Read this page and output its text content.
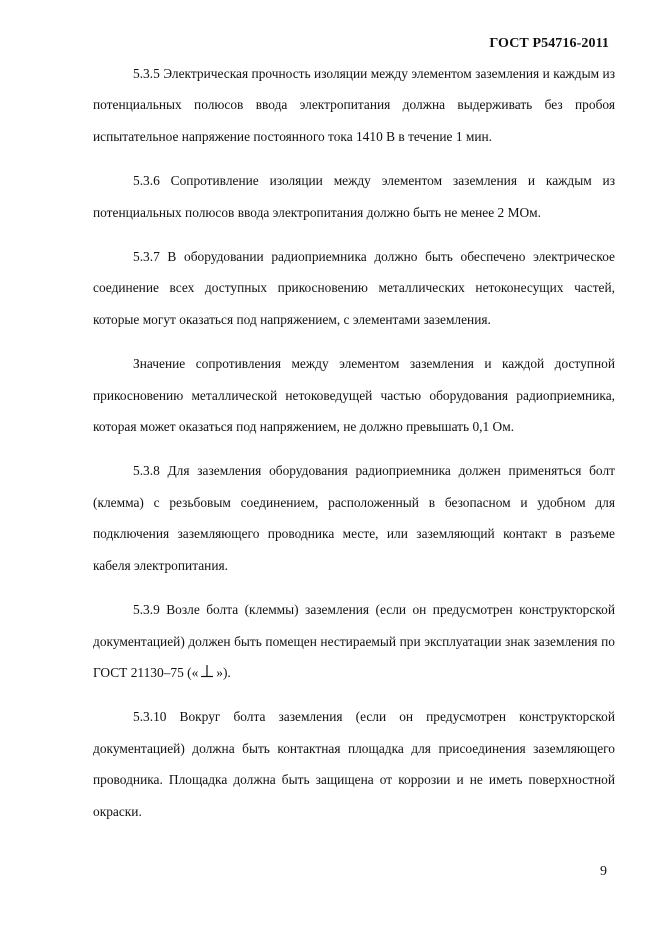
ГОСТ Р54716-2011

5.3.5 Электрическая прочность изоляции между элементом заземления и каждым из потенциальных полюсов ввода электропитания должна выдерживать без пробоя испытательное напряжение постоянного тока 1410 В в течение 1 мин.

5.3.6 Сопротивление изоляции между элементом заземления и каждым из потенциальных полюсов ввода электропитания должно быть не менее 2 МОм.

5.3.7 В оборудовании радиоприемника должно быть обеспечено электрическое соединение всех доступных прикосновению металлических нетоконесущих частей, которые могут оказаться под напряжением, с элементами заземления.

Значение сопротивления между элементом заземления и каждой доступной прикосновению металлической нетоковедущей частью оборудования радиоприемника, которая может оказаться под напряжением, не должно превышать 0,1 Ом.

5.3.8 Для заземления оборудования радиоприемника должен применяться болт (клемма) с резьбовым соединением, расположенный в безопасном и удобном для подключения заземляющего проводника месте, или заземляющий контакт в разъеме кабеля электропитания.

5.3.9 Возле болта (клеммы) заземления (если он предусмотрен конструкторской документацией) должен быть помещен нестираемый при эксплуатации знак заземления по ГОСТ 21130–75 (« »).

5.3.10 Вокруг болта заземления (если он предусмотрен конструкторской документацией) должна быть контактная площадка для присоединения заземляющего проводника. Площадка должна быть защищена от коррозии и не иметь поверхностной окраски.

9
